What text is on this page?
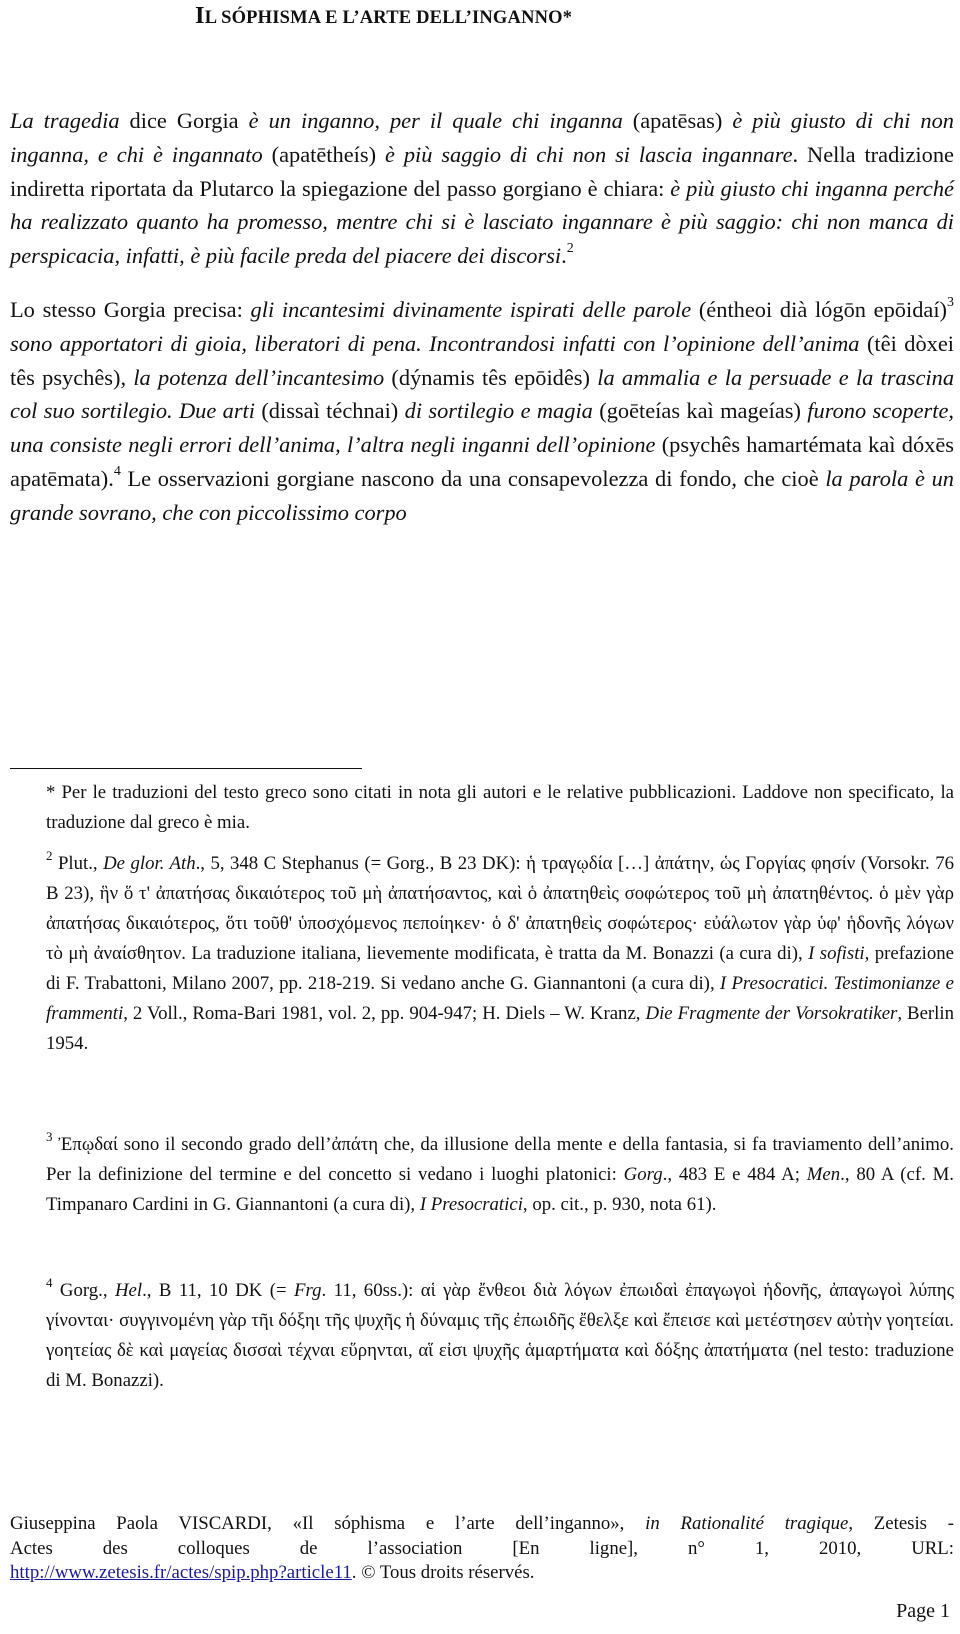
IL SÓPHISMA E L’ARTE DELL’INGANNO*

La tragedia dice Gorgia è un inganno, per il quale chi inganna (apatēsas) è più giusto di chi non inganna, e chi è ingannato (apatētheís) è più saggio di chi non si lascia ingannare. Nella tradizione indiretta riportata da Plutarco la spiegazione del passo gorgiano è chiara: è più giusto chi inganna perché ha realizzato quanto ha promesso, mentre chi si è lasciato ingannare è più saggio: chi non manca di perspicacia, infatti, è più facile preda del piacere dei discorsi.$^2$

Lo stesso Gorgia precisa: gli incantesimi divinamente ispirati delle parole (éntheoi dià lógōn epōidaí)$^3$ sono apportatori di gioia, liberatori di pena. Incontrandosi infatti con l’opinione dell’anima (têi dòxei tês psychês), la potenza dell’incantesimo (dýnamis tês epōidês) la ammalia e la persuade e la trascina col suo sortilegio. Due arti (dissaì téchnai) di sortilegio e magia (goēteías kaì mageías) furono scoperte, una consiste negli errori dell’anima, l’altra negli inganni dell’opinione (psychês hamartémata kaì dóxēs apatēmata).$^4$ Le osservazioni gorgiane nascono da una consapevolezza di fondo, che cioè la parola è un grande sovrano, che con piccolissimo corpo

* Per le traduzioni del testo greco sono citati in nota gli autori e le relative pubblicazioni. Laddove non specificato, la traduzione dal greco è mia.

$^2$ Plut., De glor. Ath., 5, 348 C Stephanus (= Gorg., B 23 DK): ἡ τραγῳδία […] ἀπάτην, ὡς Γοργίας φησίν (Vorsokr. 76 B 23), ἣν ὅ τ' ἀπατήσας δικαιότερος τοῦ μὴ ἀπατήσαντος, καὶ ὁ ἀπατηθεὶς σοφώτερος τοῦ μὴ ἀπατηθέντος. ὁ μὲν γὰρ ἀπατήσας δικαιότερος, ὅτι τοῦθ' ὑποσχόμενος πεποίηκεν· ὁ δ' ἀπατηθεὶς σοφώτερος· εὐάλωτον γὰρ ὑφ' ἡδονῆς λόγων τὸ μὴ ἀναίσθητον. La traduzione italiana, lievemente modificata, è tratta da M. Bonazzi (a cura di), I sofisti, prefazione di F. Trabattoni, Milano 2007, pp. 218-219. Si vedano anche G. Giannantoni (a cura di), I Presocratici. Testimonianze e frammenti, 2 Voll., Roma-Bari 1981, vol. 2, pp. 904-947; H. Diels – W. Kranz, Die Fragmente der Vorsokratiker, Berlin 1954.

$^3$ Ἐπῳδαί sono il secondo grado dell’ἀπάτη che, da illusione della mente e della fantasia, si fa traviamento dell’animo. Per la definizione del termine e del concetto si vedano i luoghi platonici: Gorg., 483 E e 484 A; Men., 80 A (cf. M. Timpanaro Cardini in G. Giannantoni (a cura di), I Presocratici, op. cit., p. 930, nota 61).

$^4$ Gorg., Hel., B 11, 10 DK (= Frg. 11, 60ss.): αἱ γὰρ ἔνθεοι διὰ λόγων ἐπωιδαὶ ἐπαγωγοὶ ἡδονῆς, ἀπαγωγοὶ λύπης γίνονται· συγγινομένη γὰρ τῆι δόξηι τῆς ψυχῆς ἡ δύναμις τῆς ἐπωιδῆς ἔθελξε καὶ ἔπεισε καὶ μετέστησεν αὐτὴν γοητείαι. γοητείας δὲ καὶ μαγείας δισσαὶ τέχναι εὕρηνται, αἵ εἰσι ψυχῆς ἁμαρτήματα καὶ δόξης ἀπατήματα (nel testo: traduzione di M. Bonazzi).

Giuseppina Paola VISCARDI, «Il sóphisma e l’arte dell’inganno», in Rationalité tragique, Zetesis -
Actes des colloques de l’association [En ligne], n° 1, 2010, URL:
http://www.zetesis.fr/actes/spip.php?article11. © Tous droits réservés.
Page 1
